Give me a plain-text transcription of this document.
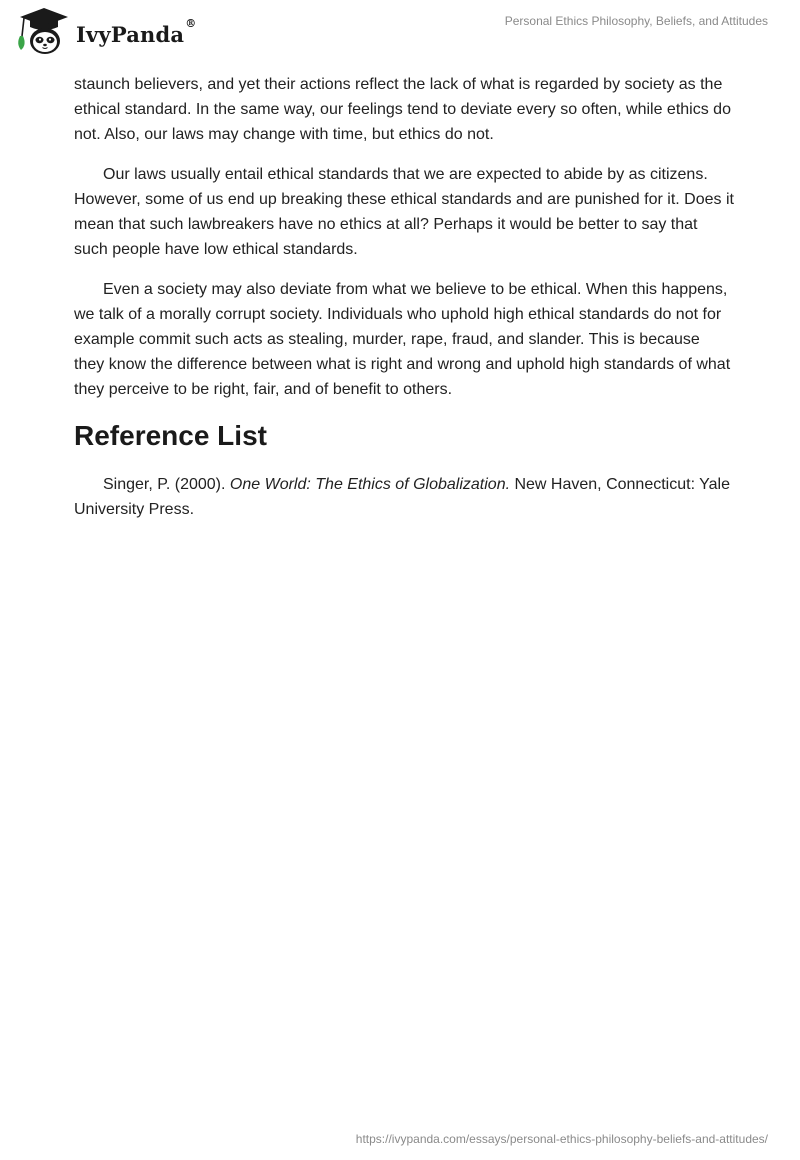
IvyPanda ®	Personal Ethics Philosophy, Beliefs, and Attitudes

staunch believers, and yet their actions reflect the lack of what is regarded by society as the ethical standard. In the same way, our feelings tend to deviate every so often, while ethics do not. Also, our laws may change with time, but ethics do not.

Our laws usually entail ethical standards that we are expected to abide by as citizens. However, some of us end up breaking these ethical standards and are punished for it. Does it mean that such lawbreakers have no ethics at all? Perhaps it would be better to say that such people have low ethical standards.

Even a society may also deviate from what we believe to be ethical. When this happens, we talk of a morally corrupt society. Individuals who uphold high ethical standards do not for example commit such acts as stealing, murder, rape, fraud, and slander. This is because they know the difference between what is right and wrong and uphold high standards of what they perceive to be right, fair, and of benefit to others.

Reference List

Singer, P. (2000). One World: The Ethics of Globalization. New Haven, Connecticut: Yale University Press.

https://ivypanda.com/essays/personal-ethics-philosophy-beliefs-and-attitudes/
